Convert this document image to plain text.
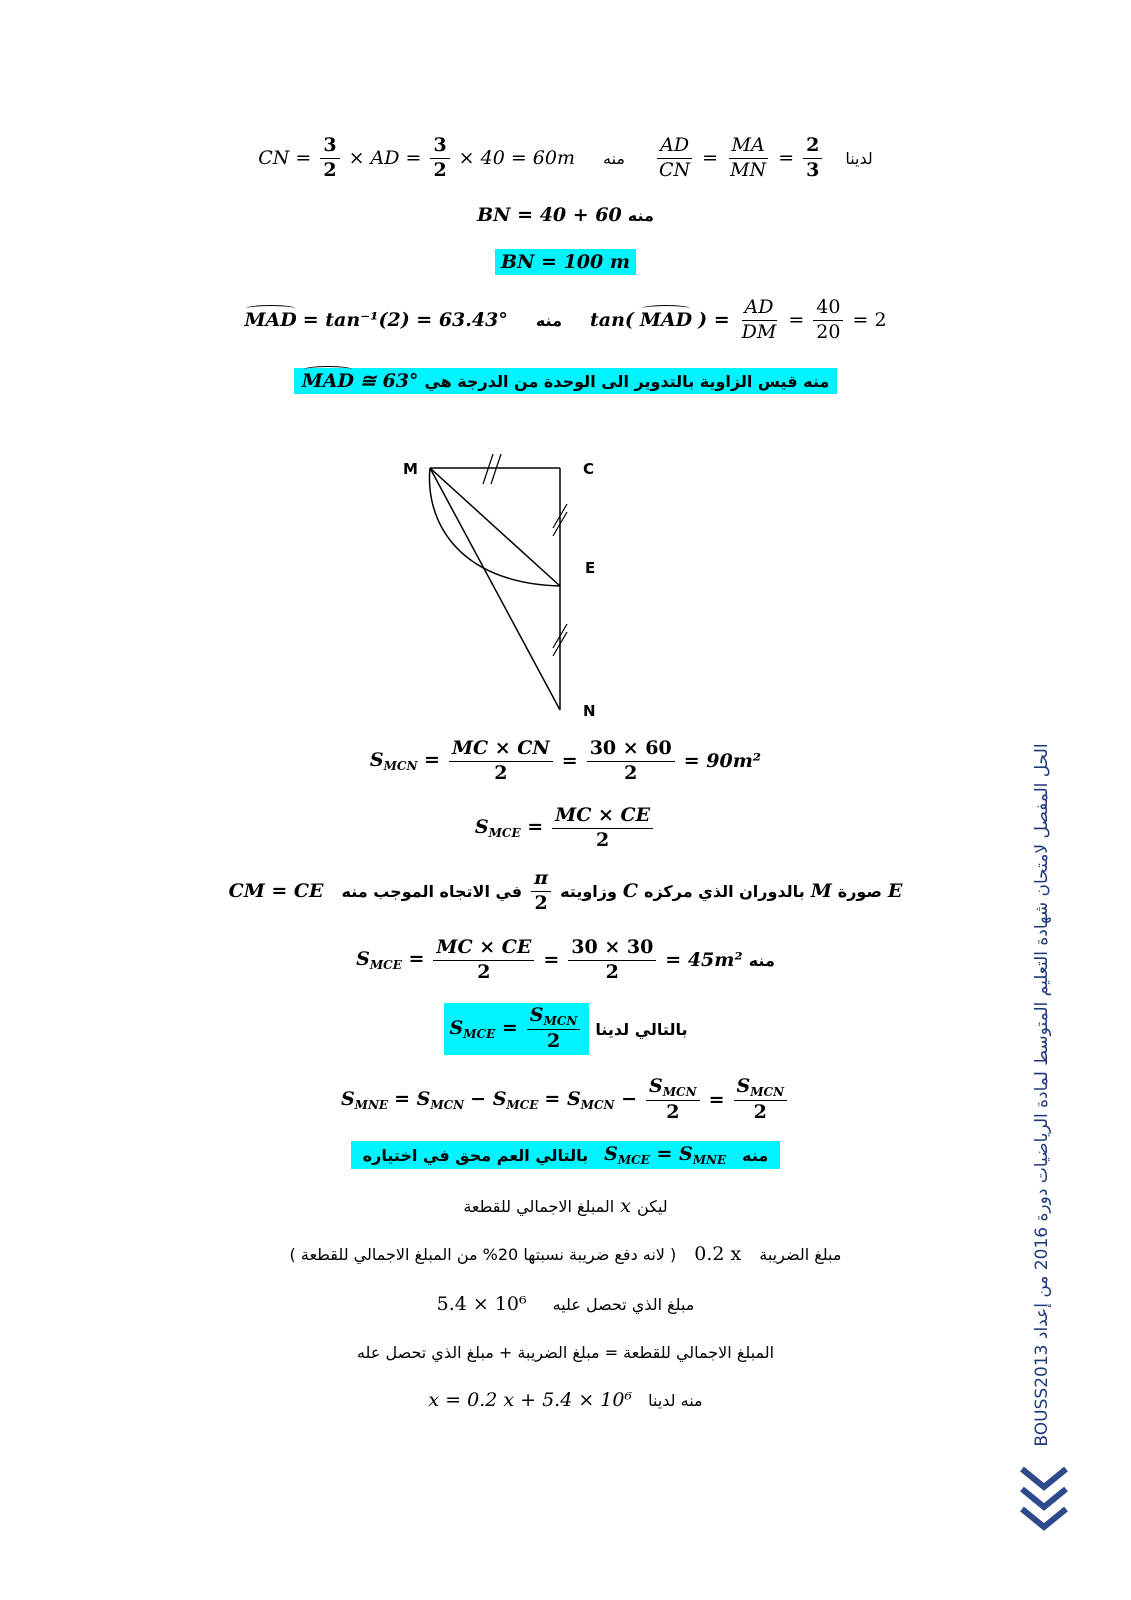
CN = $\frac{3}{2}$ × AD = $\frac{3}{2} \times 40 = 60m$ منه $\frac{AD}{CN} = \frac{MA}{MN} = \frac{2}{3}$ لدينا
BN = 40 + 60 منه
BN = 100 m
MAD = tan⁻¹(2) = 63.43° منه tan( MAD ) = $\frac{AD}{DM} = \frac{40}{20} = 2$
MAD ≅ 63° منه قيس الزاوية بالتدوير الى الوحدة من الدرجة هي
M	C
E
N
$S_{MCN} = \frac{MC \times CN}{2} = \frac{30 \times 60}{2} = 90m^2$
$S_{MCE} = \frac{MC \times CE}{2}$
CM = CE في الاتجاه الموجب منه $\frac{\pi}{2}$ وزاويته C بالدوران الذي مركزه M صورة E
$S_{MCE} = \frac{MC \times CE}{2} = \frac{30 \times 30}{2} = 45m^2$ منه
$S_{MCE} = \frac{S_{MCN}}{2}$ بالتالي لدينا
$S_{MNE} = S_{MCN} - S_{MCE} = S_{MCN} - \frac{S_{MCN}}{2} = \frac{S_{MCN}}{2}$
بالتالي العم محق في اختياره $S_{MCE} = S_{MNE}$ منه
المبلغ الاجمالي للقطعة x ليكن
( لانه دفع ضريبة نسبتها 20% من المبلغ الاجمالي للقطعة ) 0.2 x مبلغ الضريبة
5.4 × 10⁶ مبلغ الذي تحصل عليه
المبلغ الاجمالي للقطعة = مبلغ الضريبة + مبلغ الذي تحصل عله
x = 0.2 x + 5.4 × 10⁶ منه لدينا	الحل المفصل لامتحان شهادة التعليم المتوسط لمادة الرياضيات دورة 2016 من إعداد BOUSS2013
